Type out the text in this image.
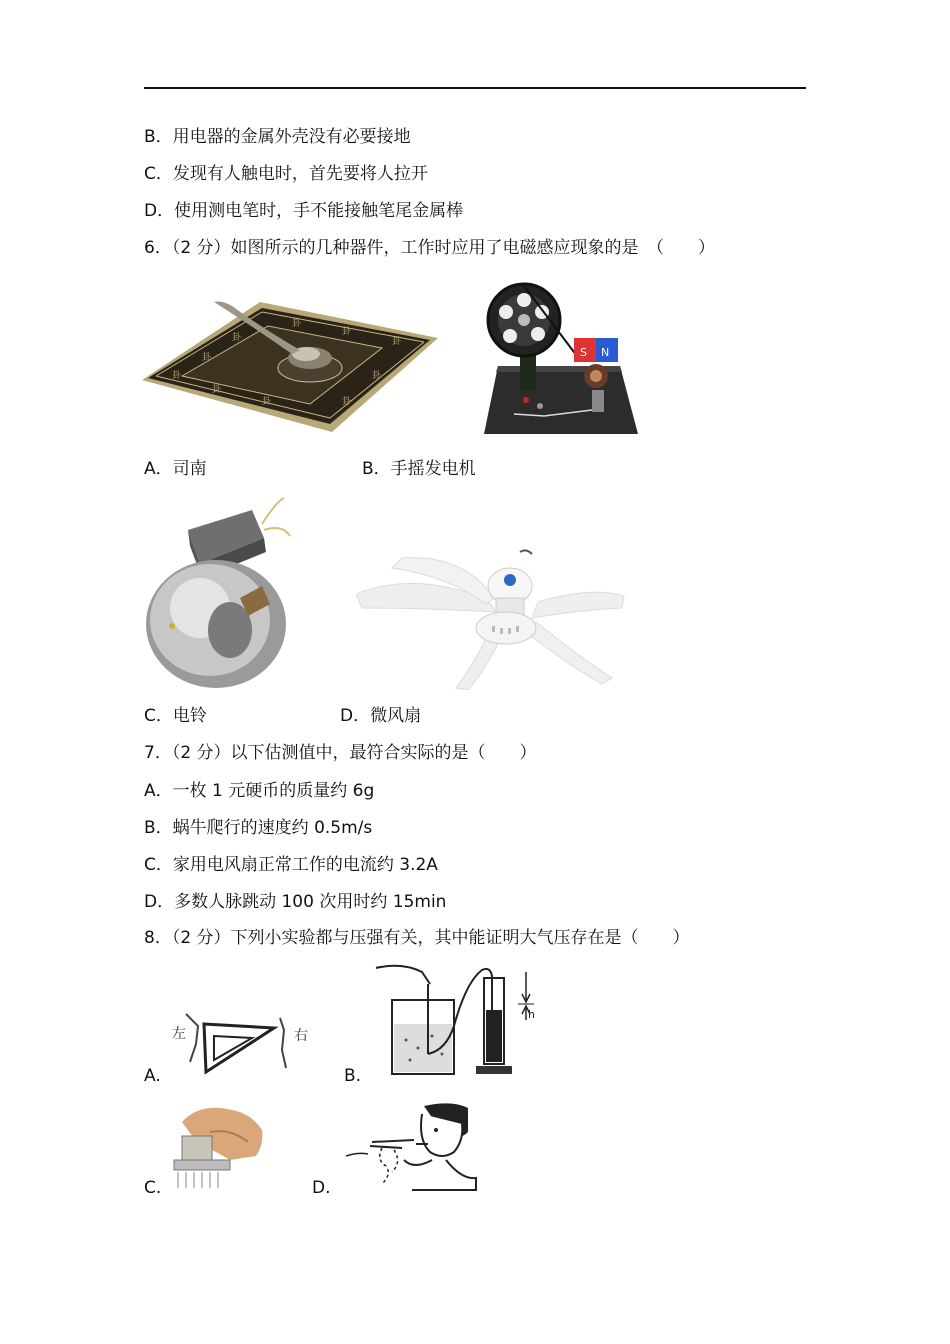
B．用电器的金属外壳没有必要接地
C．发现有人触电时，首先要将人拉开
D．使用测电笔时，手不能接触笔尾金属棒
6．（2 分）如图所示的几种器件，工作时应用了电磁感应现象的是　（　　）
卦
卦
卦
卦
卦
卦
卦
卦
卦
卦
S N
A．司南	B．手摇发电机
C．电铃	D．微风扇
7．（2 分）以下估测值中，最符合实际的是（　　）
A．一枚 1 元硬币的质量约 6g
B．蜗牛爬行的速度约 0.5m/s
C．家用电风扇正常工作的电流约 3.2A
D．多数人脉跳动 100 次用时约 15min
8．（2 分）下列小实验都与压强有关，其中能证明大气压存在是（　　）
A.
左	右
B.
h
C.	D.
